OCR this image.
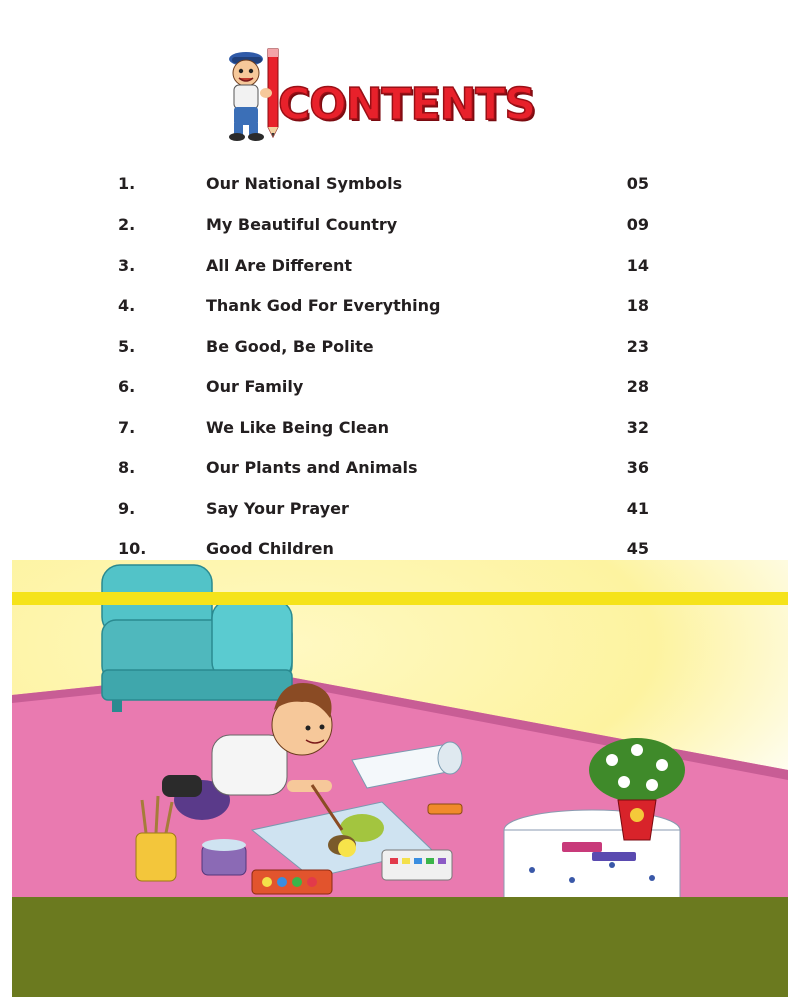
CONTENTS
1.	Our National Symbols	05
2.	My Beautiful Country	09
3.	All Are Different	14
4.	Thank God For Everything	18
5.	Be Good, Be Polite	23
6.	Our Family	28
7.	We Like Being Clean	32
8.	Our Plants and Animals	36
9.	Say Your Prayer	41
10.	Good Children	45
